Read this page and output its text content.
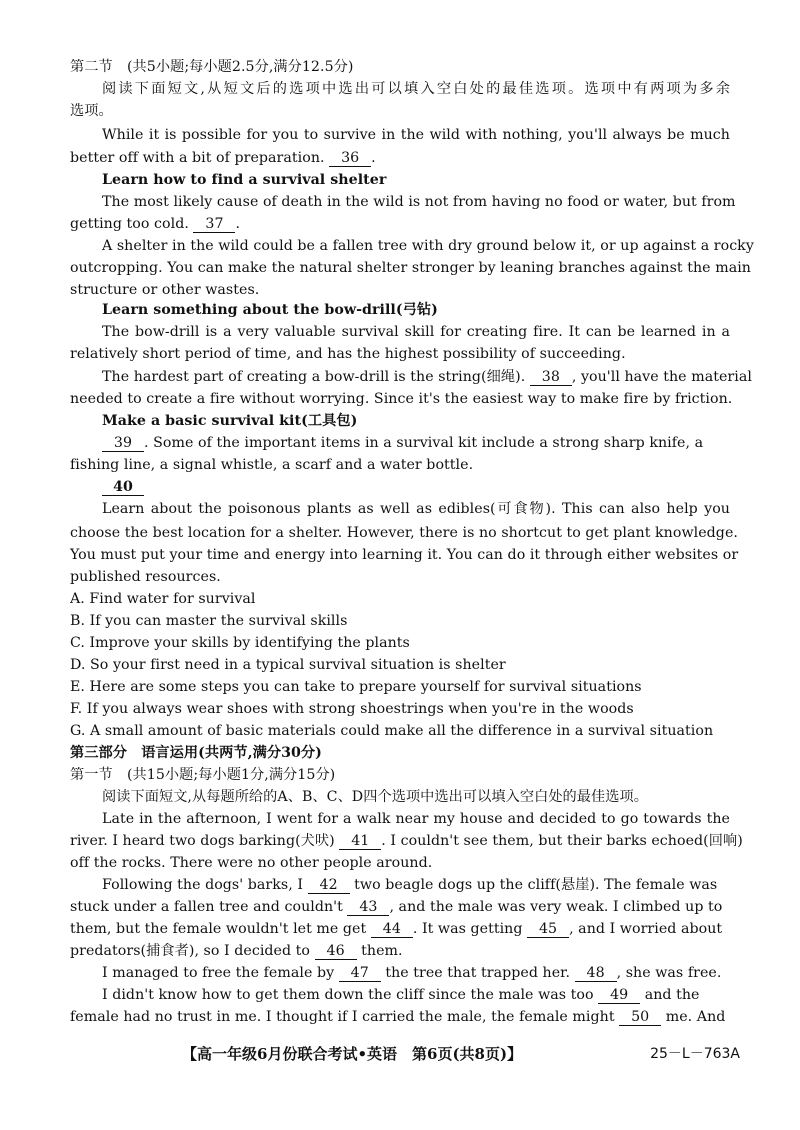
第二节　(共5小题;每小题2.5分,满分12.5分)
阅读下面短文,从短文后的选项中选出可以填入空白处的最佳选项。选项中有两项为多余
选项。
While it is possible for you to survive in the wild with nothing, you'll always be much
better off with a bit of preparation. 36 .
Learn how to find a survival shelter
The most likely cause of death in the wild is not from having no food or water, but from
getting too cold. 37 .
A shelter in the wild could be a fallen tree with dry ground below it, or up against a rocky
outcropping. You can make the natural shelter stronger by leaning branches against the main
structure or other wastes.
Learn something about the bow-drill(弓钻)
The bow-drill is a very valuable survival skill for creating fire. It can be learned in a
relatively short period of time, and has the highest possibility of succeeding.
The hardest part of creating a bow-drill is the string(细绳). 38 , you'll have the material
needed to create a fire without worrying. Since it's the easiest way to make fire by friction.
Make a basic survival kit(工具包)
39 . Some of the important items in a survival kit include a strong sharp knife, a
fishing line, a signal whistle, a scarf and a water bottle.
40
Learn about the poisonous plants as well as edibles(可食物). This can also help you
choose the best location for a shelter. However, there is no shortcut to get plant knowledge.
You must put your time and energy into learning it. You can do it through either websites or
published resources.
A. Find water for survival
B. If you can master the survival skills
C. Improve your skills by identifying the plants
D. So your first need in a typical survival situation is shelter
E. Here are some steps you can take to prepare yourself for survival situations
F. If you always wear shoes with strong shoestrings when you're in the woods
G. A small amount of basic materials could make all the difference in a survival situation
第三部分　语言运用(共两节,满分30分)
第一节　(共15小题;每小题1分,满分15分)
阅读下面短文,从每题所给的A、B、C、D四个选项中选出可以填入空白处的最佳选项。
Late in the afternoon, I went for a walk near my house and decided to go towards the
river. I heard two dogs barking(犬吠) 41 . I couldn't see them, but their barks echoed(回响)
off the rocks. There were no other people around.
Following the dogs' barks, I 42 two beagle dogs up the cliff(悬崖). The female was
stuck under a fallen tree and couldn't 43 , and the male was very weak. I climbed up to
them, but the female wouldn't let me get 44 . It was getting 45 , and I worried about
predators(捕食者), so I decided to 46 them.
I managed to free the female by 47 the tree that trapped her. 48 , she was free.
I didn't know how to get them down the cliff since the male was too 49 and the
female had no trust in me. I thought if I carried the male, the female might 50 me. And
【高一年级6月份联合考试•英语　第6页(共8页)】	25－L－763A
